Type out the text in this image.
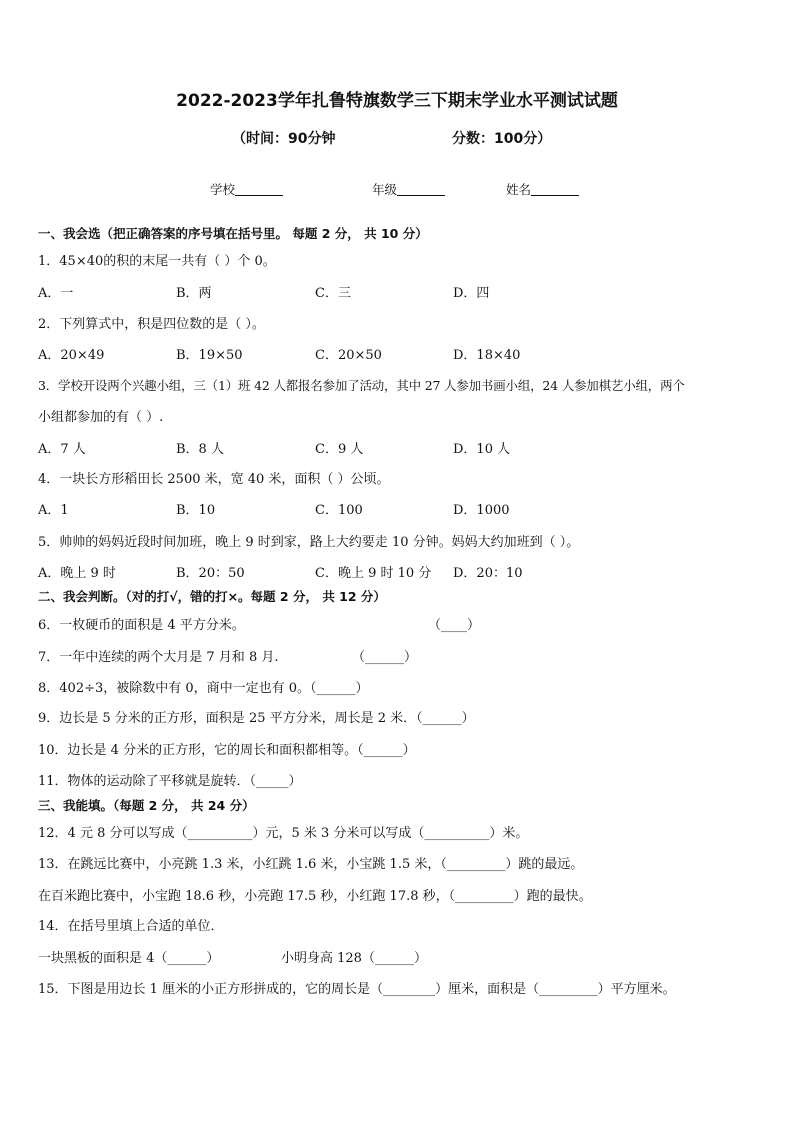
2022-2023学年扎鲁特旗数学三下期末学业水平测试试题
（时间：90分钟	分数：100分）
学校	年级	姓名
一、我会选（把正确答案的序号填在括号里。 每题 2 分， 共 10 分）
1．45×40的积的末尾一共有（ ）个 0。
A．一	B．两	C．三	D．四
2．下列算式中，积是四位数的是（ ）。
A．20×49	B．19×50	C．20×50	D．18×40
3．学校开设两个兴趣小组，三（1）班 42 人都报名参加了活动，其中 27 人参加书画小组，24 人参加棋艺小组，两个
小组都参加的有（ ）.
A．7 人	B．8 人	C．9 人	D．10 人
4．一块长方形稻田长 2500 米，宽 40 米，面积（ ）公顷。
A．1	B．10	C．100	D．1000
5．帅帅的妈妈近段时间加班，晚上 9 时到家，路上大约要走 10 分钟。妈妈大约加班到（ ）。
A．晚上 9 时	B．20：50	C．晚上 9 时 10 分 D．20：10
二、我会判断。（对的打√，错的打×。每题 2 分， 共 12 分）
6．一枚硬币的面积是 4 平方分米。	（____）
7．一年中连续的两个大月是 7 月和 8 月.	（______）
8．402÷3，被除数中有 0，商中一定也有 0。（______）
9．边长是 5 分米的正方形，面积是 25 平方分米，周长是 2 米．（______）
10．边长是 4 分米的正方形，它的周长和面积都相等。（______）
11．物体的运动除了平移就是旋转．（_____）
三、我能填。（每题 2 分， 共 24 分）
12．4 元 8 分可以写成（__________）元，5 米 3 分米可以写成（__________）米。
13．在跳远比赛中，小亮跳 1.3 米，小红跳 1.6 米，小宝跳 1.5 米，（_________）跳的最远。
在百米跑比赛中，小宝跑 18.6 秒，小亮跑 17.5 秒，小红跑 17.8 秒，（_________）跑的最快。
14．在括号里填上合适的单位．
一块黑板的面积是 4（______）	小明身高 128（______）
15．下图是用边长 1 厘米的小正方形拼成的，它的周长是（________）厘米，面积是（_________）平方厘米。
